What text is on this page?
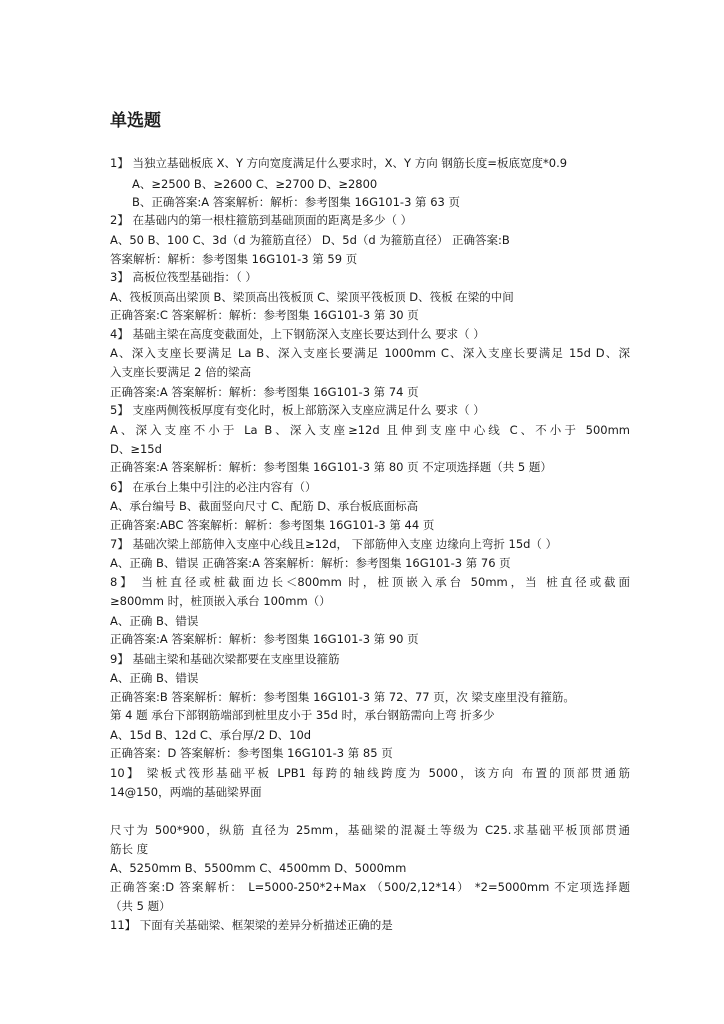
单选题
1】 当独立基础板底 X、Y 方向宽度满足什么要求时，X、Y 方向 钢筋长度=板底宽度*0.9
A、≥2500 B、≥2600 C、≥2700 D、≥2800
B、正确答案:A 答案解析：解析：参考图集 16G101-3 第 63 页
2】 在基础内的第一根柱箍筋到基础顶面的距离是多少（ ）
A、50 B、100 C、3d（d 为箍筋直径） D、5d（d 为箍筋直径） 正确答案:B
答案解析：解析：参考图集 16G101-3 第 59 页
3】 高板位筏型基础指：（ ）
A、筏板顶高出梁顶 B、梁顶高出筏板顶 C、梁顶平筏板顶 D、筏板 在梁的中间
正确答案:C 答案解析：解析：参考图集 16G101-3 第 30 页
4】 基础主梁在高度变截面处，上下钢筋深入支座长要达到什么 要求（ ）
A、深入支座长要满足 La B、深入支座长要满足 1000mm C、深入支座长要满足 15d D、深
入支座长要满足 2 倍的梁高
正确答案:A 答案解析：解析：参考图集 16G101-3 第 74 页
5】 支座两侧筏板厚度有变化时，板上部筋深入支座应满足什么 要求（ ）
A、深入支座不小于 La B、深入支座≥12d 且伸到支座中心线 C、不小于 500mm
D、≥15d
正确答案:A 答案解析：解析：参考图集 16G101-3 第 80 页 不定项选择题（共 5 题）
6】 在承台上集中引注的必注内容有（）
A、承台编号 B、截面竖向尺寸 C、配筋 D、承台板底面标高
正确答案:ABC 答案解析：解析：参考图集 16G101-3 第 44 页
7】 基础次梁上部筋伸入支座中心线且≥12d， 下部筋伸入支座 边缘向上弯折 15d（ ）
A、正确 B、错误 正确答案:A 答案解析：解析：参考图集 16G101-3 第 76 页
8】 当桩直径或桩截面边长＜800mm 时，桩顶嵌入承台 50mm，当 桩直径或截面
≥800mm 时，桩顶嵌入承台 100mm（）
A、正确 B、错误
正确答案:A 答案解析：解析：参考图集 16G101-3 第 90 页
9】 基础主梁和基础次梁都要在支座里设箍筋
A、正确 B、错误
正确答案:B 答案解析：解析：参考图集 16G101-3 第 72、77 页，次 梁支座里没有箍筋。
第 4 题 承台下部钢筋端部到桩里皮小于 35d 时，承台钢筋需向上弯 折多少
A、15d B、12d C、承台厚/2 D、10d
正确答案：D 答案解析：参考图集 16G101-3 第 85 页
10】 梁板式筏形基础平板 LPB1 每跨的轴线跨度为 5000，该方向 布置的顶部贯通筋
14@150，两端的基础梁界面
尺寸为 500*900，纵筋 直径为 25mm，基础梁的混凝土等级为 C25.求基础平板顶部贯通
筋长 度
A、5250mm B、5500mm C、4500mm D、5000mm
正确答案:D 答案解析： L=5000-250*2+Max （500/2,12*14） *2=5000mm 不定项选择题
（共 5 题）
11】 下面有关基础梁、框架梁的差异分析描述正确的是
